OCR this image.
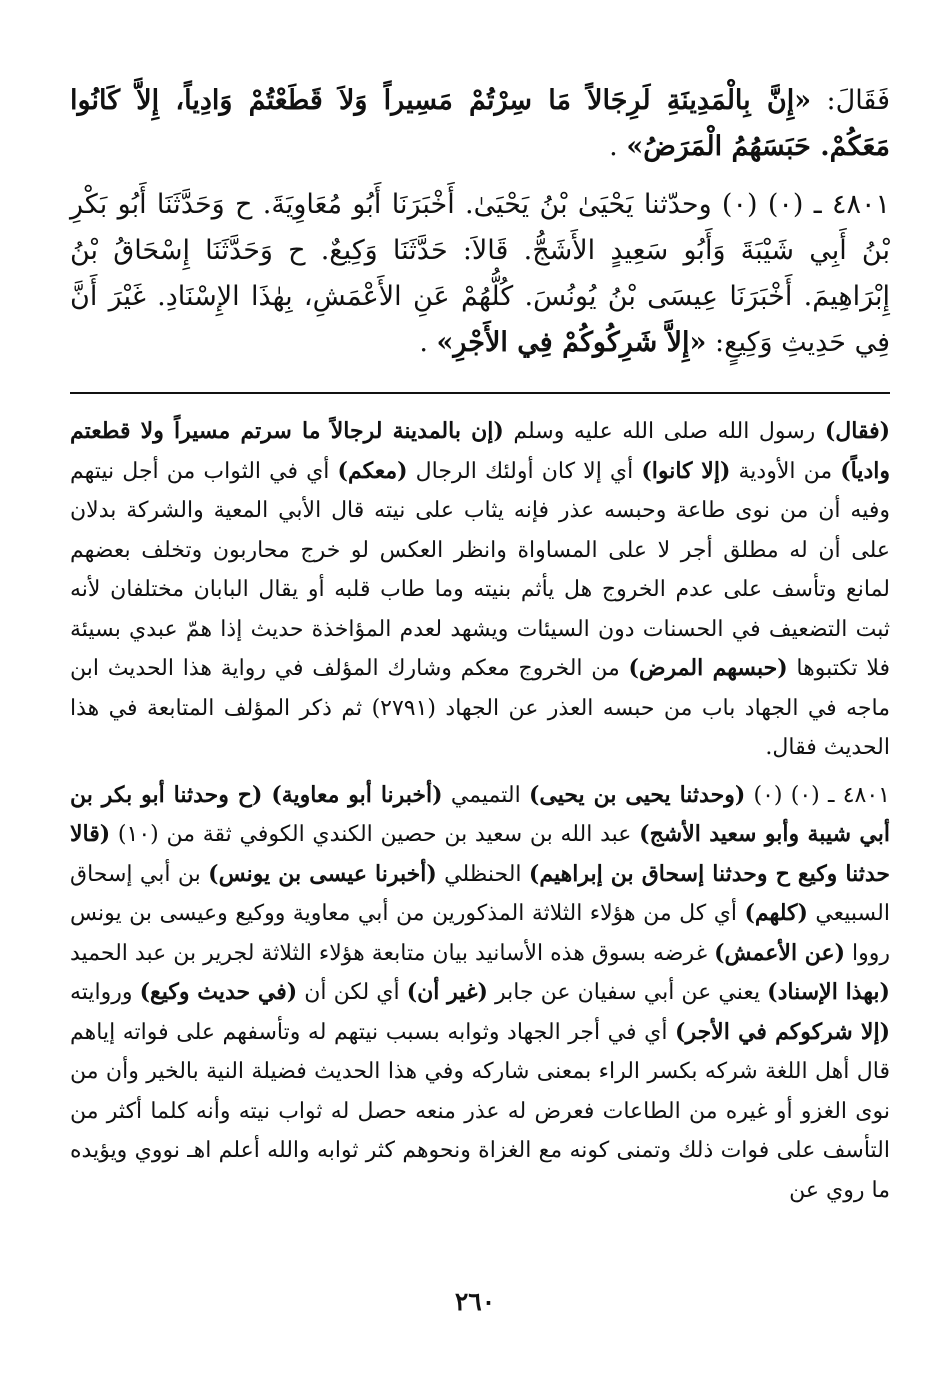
فَقَالَ: «إِنَّ بِالْمَدِينَةِ لَرِجَالاً مَا سِرْتُمْ مَسِيراً وَلاَ قَطَعْتُمْ وَادِياً، إِلاَّ كَانُوا مَعَكُمْ. حَبَسَهُمُ الْمَرَضُ» .

٤٨٠١ ـ (٠) (٠) وحدّثنا يَحْيَىٰ بْنُ يَحْيَىٰ. أَخْبَرَنَا أَبُو مُعَاوِيَةَ. ح وَحَدَّثَنَا أَبُو بَكْرِ بْنُ أَبِي شَيْبَةَ وَأَبُو سَعِيدٍ الأَشَجُّ. قَالاَ: حَدَّثَنَا وَكِيعٌ. ح وَحَدَّثَنَا إِسْحَاقُ بْنُ إِبْرَاهِيمَ. أَخْبَرَنَا عِيسَى بْنُ يُونُسَ. كُلُّهُمْ عَنِ الأَعْمَشِ، بِهٰذَا الإِسْنَادِ. غَيْرَ أَنَّ فِي حَدِيثِ وَكِيعٍ: «إِلاَّ شَرِكُوكُمْ فِي الأَجْرِ» .

(فقال) رسول الله صلى الله عليه وسلم (إن بالمدينة لرجالاً ما سرتم مسيراً ولا قطعتم وادياً) من الأودية (إلا كانوا) أي إلا كان أولئك الرجال (معكم) أي في الثواب من أجل نيتهم وفيه أن من نوى طاعة وحبسه عذر فإنه يثاب على نيته قال الأبي المعية والشركة بدلان على أن له مطلق أجر لا على المساواة وانظر العكس لو خرج محاربون وتخلف بعضهم لمانع وتأسف على عدم الخروج هل يأثم بنيته وما طاب قلبه أو يقال البابان مختلفان لأنه ثبت التضعيف في الحسنات دون السيئات ويشهد لعدم المؤاخذة حديث إذا همّ عبدي بسيئة فلا تكتبوها (حبسهم المرض) من الخروج معكم وشارك المؤلف في رواية هذا الحديث ابن ماجه في الجهاد باب من حبسه العذر عن الجهاد (٢٧٩١) ثم ذكر المؤلف المتابعة في هذا الحديث فقال.

٤٨٠١ ـ (٠) (٠) (وحدثنا يحيى بن يحيى) التميمي (أخبرنا أبو معاوية) (ح وحدثنا أبو بكر بن أبي شيبة وأبو سعيد الأشج) عبد الله بن سعيد بن حصين الكندي الكوفي ثقة من (١٠) (قالا حدثنا وكيع ح وحدثنا إسحاق بن إبراهيم) الحنظلي (أخبرنا عيسى بن يونس) بن أبي إسحاق السبيعي (كلهم) أي كل من هؤلاء الثلاثة المذكورين من أبي معاوية ووكيع وعيسى بن يونس رووا (عن الأعمش) غرضه بسوق هذه الأسانيد بيان متابعة هؤلاء الثلاثة لجرير بن عبد الحميد (بهذا الإسناد) يعني عن أبي سفيان عن جابر (غير أن) أي لكن أن (في حديث وكيع) وروايته (إلا شركوكم في الأجر) أي في أجر الجهاد وثوابه بسبب نيتهم له وتأسفهم على فواته إياهم قال أهل اللغة شركه بكسر الراء بمعنى شاركه وفي هذا الحديث فضيلة النية بالخير وأن من نوى الغزو أو غيره من الطاعات فعرض له عذر منعه حصل له ثواب نيته وأنه كلما أكثر من التأسف على فوات ذلك وتمنى كونه مع الغزاة ونحوهم كثر ثوابه والله أعلم اهـ نووي ويؤيده ما روي عن

٢٦٠
